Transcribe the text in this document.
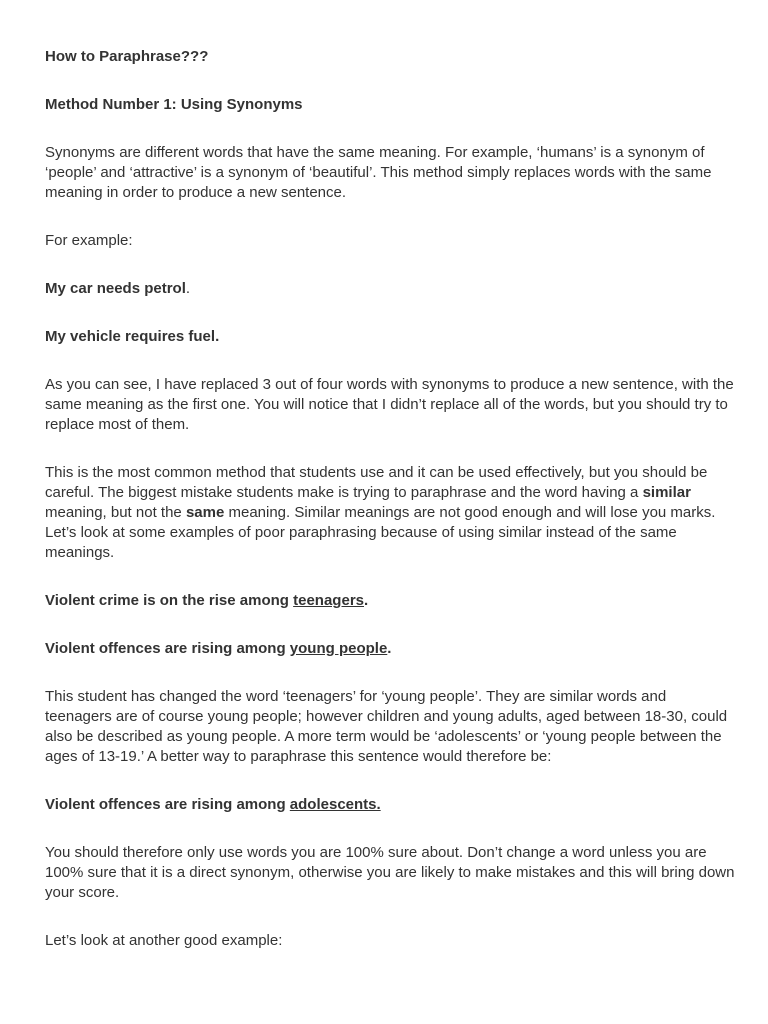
How to Paraphrase???

Method Number 1: Using Synonyms

Synonyms are different words that have the same meaning. For example, ‘humans’ is a synonym of ‘people’ and ‘attractive’ is a synonym of ‘beautiful’. This method simply replaces words with the same meaning in order to produce a new sentence.

For example:

My car needs petrol.

My vehicle requires fuel.

As you can see, I have replaced 3 out of four words with synonyms to produce a new sentence, with the same meaning as the first one. You will notice that I didn’t replace all of the words, but you should try to replace most of them.

This is the most common method that students use and it can be used effectively, but you should be careful. The biggest mistake students make is trying to paraphrase and the word having a similar meaning, but not the same meaning. Similar meanings are not good enough and will lose you marks. Let’s look at some examples of poor paraphrasing because of using similar instead of the same meanings.

Violent crime is on the rise among teenagers.

Violent offences are rising among young people.

This student has changed the word ‘teenagers’ for ‘young people’. They are similar words and teenagers are of course young people; however children and young adults, aged between 18-30, could also be described as young people. A more term would be ‘adolescents’ or ‘young people between the ages of 13-19.’ A better way to paraphrase this sentence would therefore be:

Violent offences are rising among adolescents.

You should therefore only use words you are 100% sure about. Don’t change a word unless you are 100% sure that it is a direct synonym, otherwise you are likely to make mistakes and this will bring down your score.

Let’s look at another good example:
